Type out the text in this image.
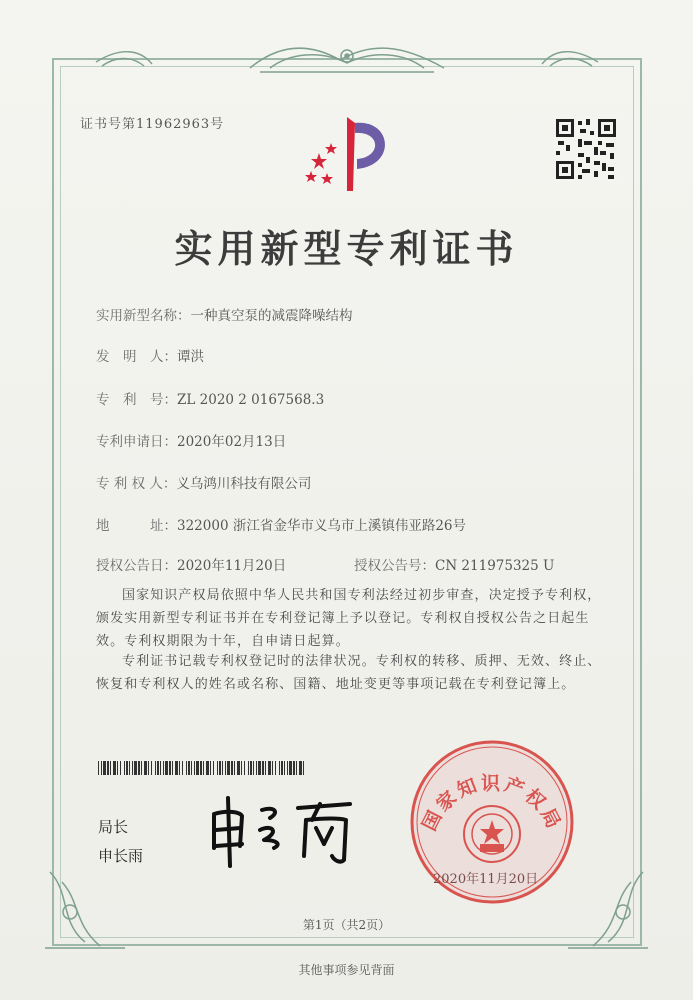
证书号第11962963号
实用新型专利证书
实用新型名称：一种真空泵的减震降噪结构
发　明　人：谭洪
专　利　号：ZL 2020 2 0167568.3
专利申请日：2020年02月13日
专 利 权 人：义乌鸿川科技有限公司
地　　　址：322000 浙江省金华市义乌市上溪镇伟亚路26号
授权公告日：2020年11月20日	授权公告号：CN 211975325 U
国家知识产权局依照中华人民共和国专利法经过初步审查，决定授予专利权，颁发实用新型专利证书并在专利登记簿上予以登记。专利权自授权公告之日起生效。专利权期限为十年，自申请日起算。
专利证书记载专利权登记时的法律状况。专利权的转移、质押、无效、终止、恢复和专利权人的姓名或名称、国籍、地址变更等事项记载在专利登记簿上。
局长
申长雨
国家知识产权局
2020年11月20日
第1页（共2页）
其他事项参见背面
